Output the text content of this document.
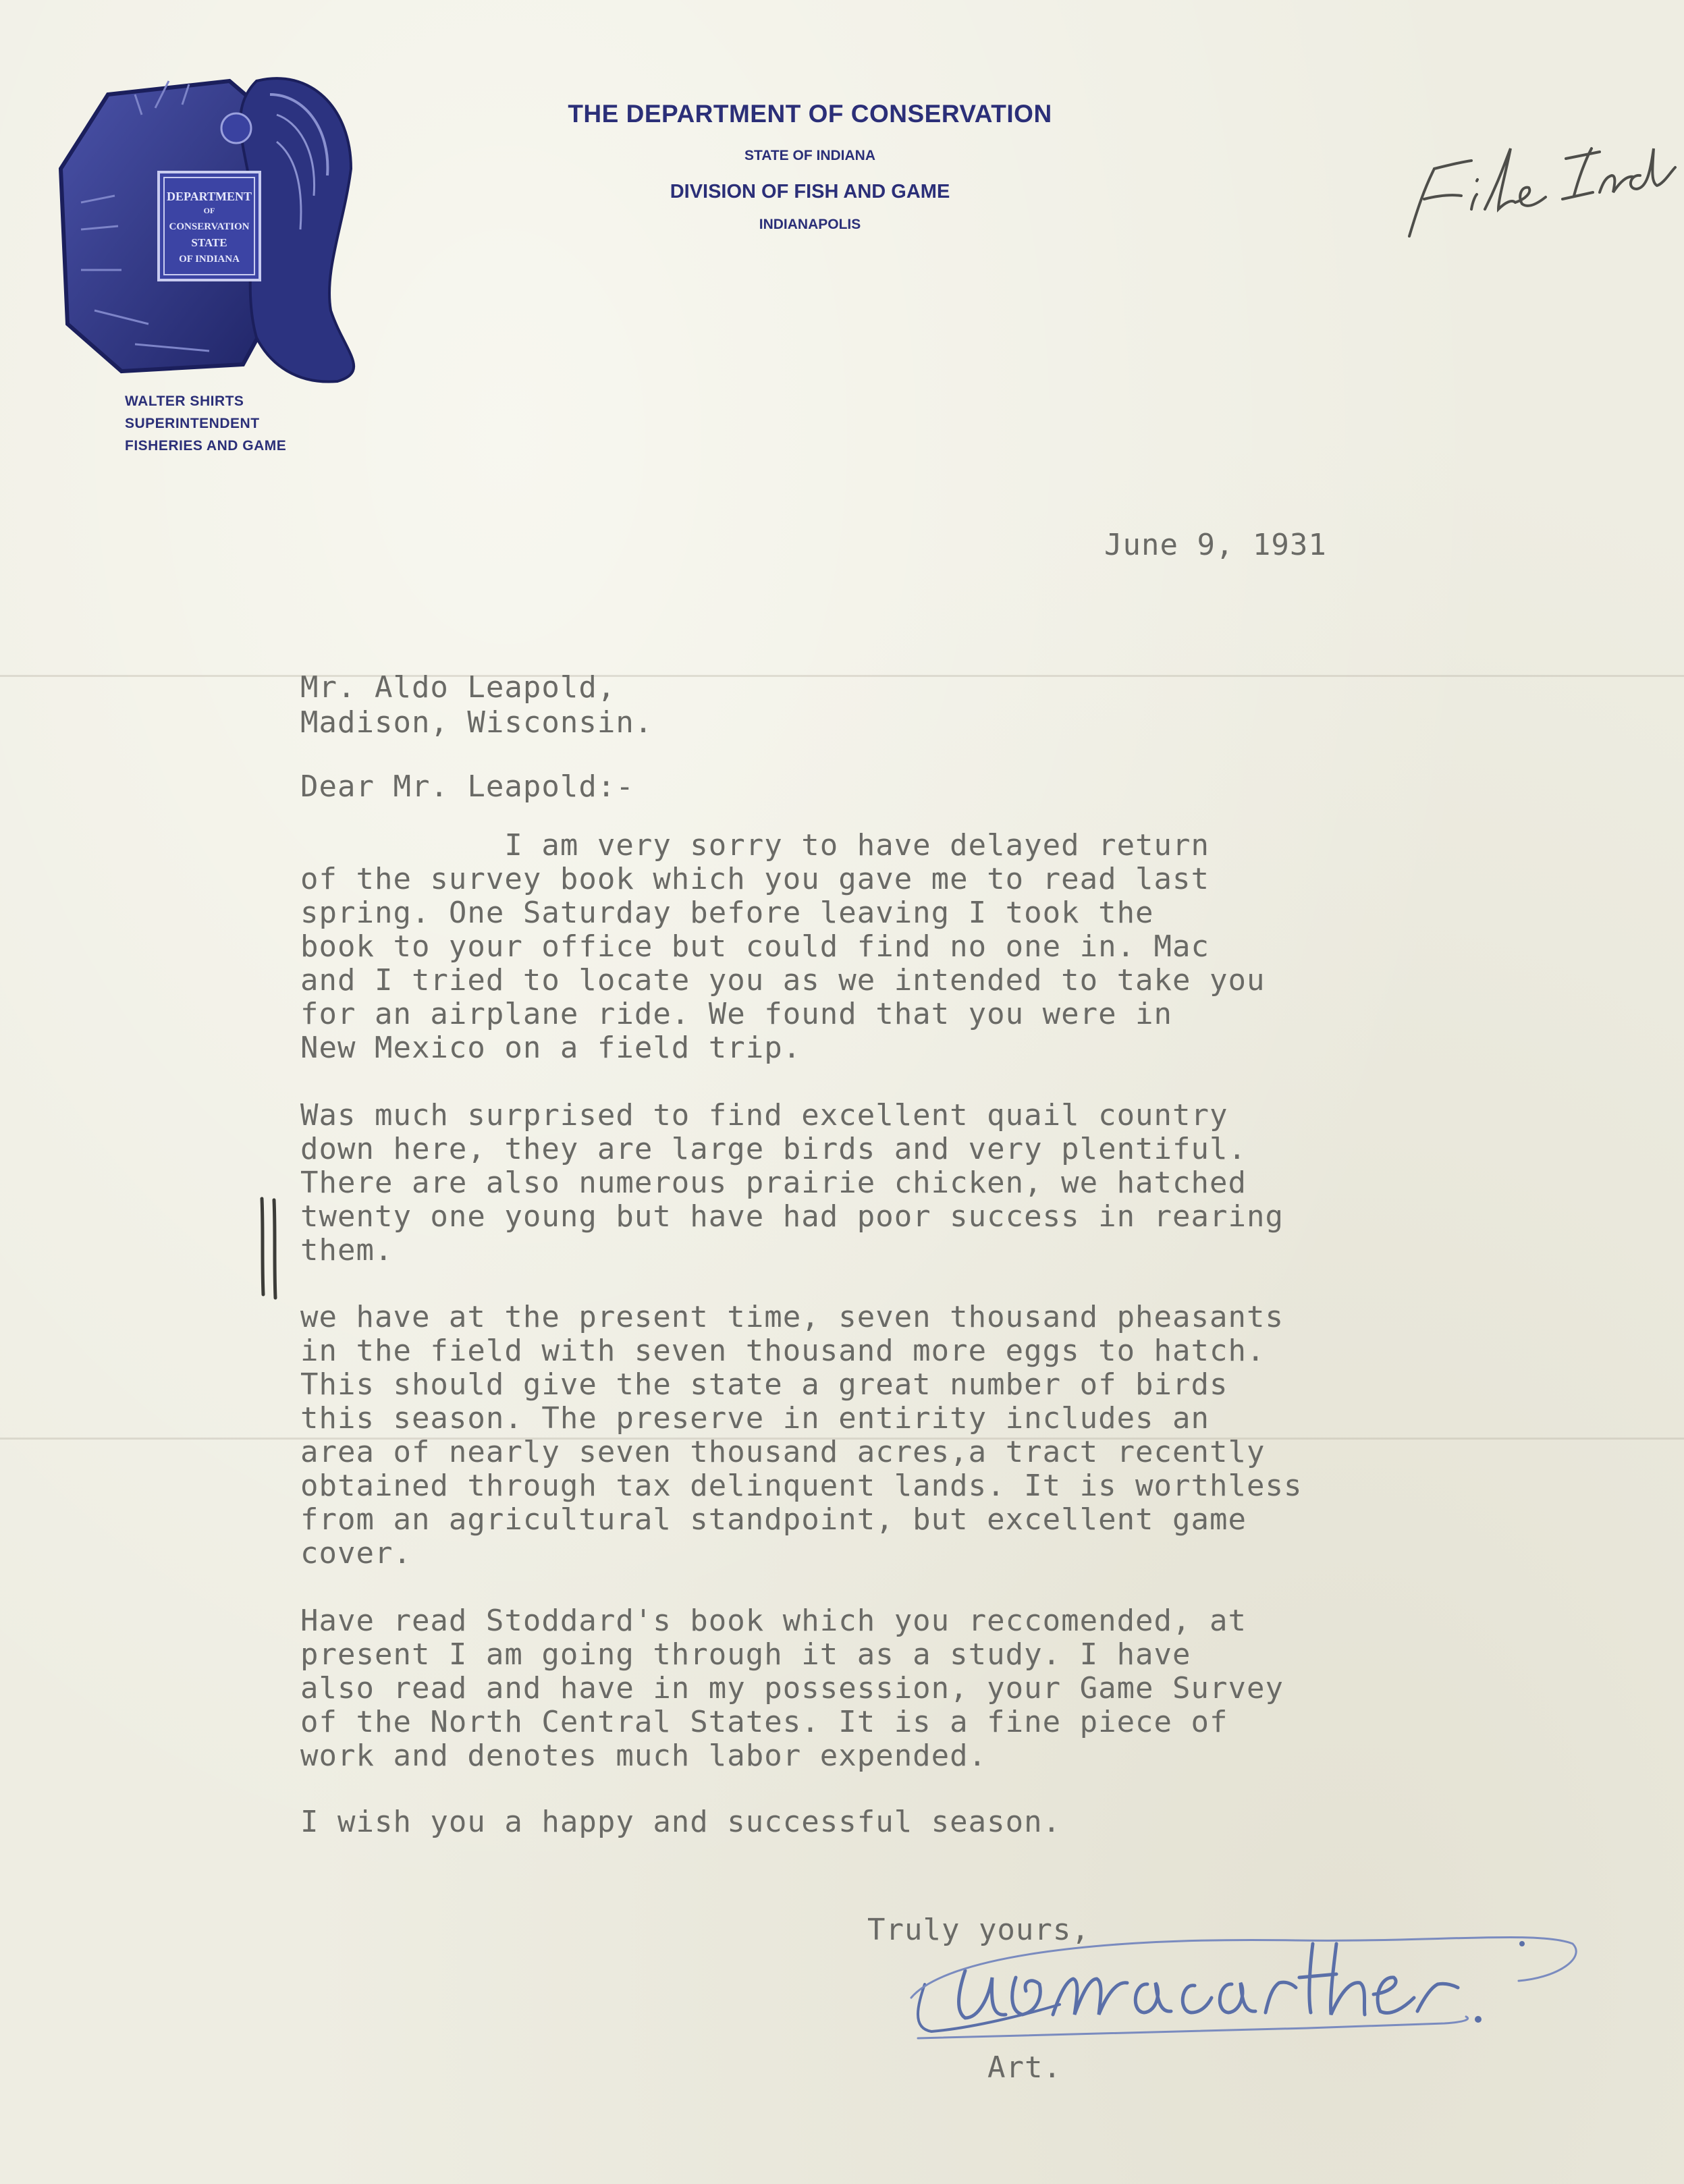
DEPARTMENT
OF
CONSERVATION
STATE
OF INDIANA
WALTER SHIRTS
SUPERINTENDENT
FISHERIES AND GAME
THE DEPARTMENT OF CONSERVATION
STATE OF INDIANA
DIVISION OF FISH AND GAME
INDIANAPOLIS
File Ind
June 9, 1931
Mr. Aldo Leapold,
Madison, Wisconsin.
Dear Mr. Leapold:-
I am very sorry to have delayed return
of the survey book which you gave me to read last
spring. One Saturday before leaving I took the
book to your office but could find no one in. Mac
and I tried to locate you as we intended to take you
for an airplane ride. We found that you were in
New Mexico on a field trip.
Was much surprised to find excellent quail country
down here, they are large birds and very plentiful.
There are also numerous prairie chicken, we hatched
twenty one young but have had poor success in rearing
them.
we have at the present time, seven thousand pheasants
in the field with seven thousand more eggs to hatch.
This should give the state a great number of birds
this season. The preserve in entirity includes an
area of nearly seven thousand acres,a tract recently
obtained through tax delinquent lands. It is worthless
from an agricultural standpoint, but excellent game
cover.
Have read Stoddard's book which you reccomended, at
present I am going through it as a study. I have
also read and have in my possession, your Game Survey
of the North Central States. It is a fine piece of
work and denotes much labor expended.
I wish you a happy and successful season.
Truly yours,
A B MacArthur
Art.
